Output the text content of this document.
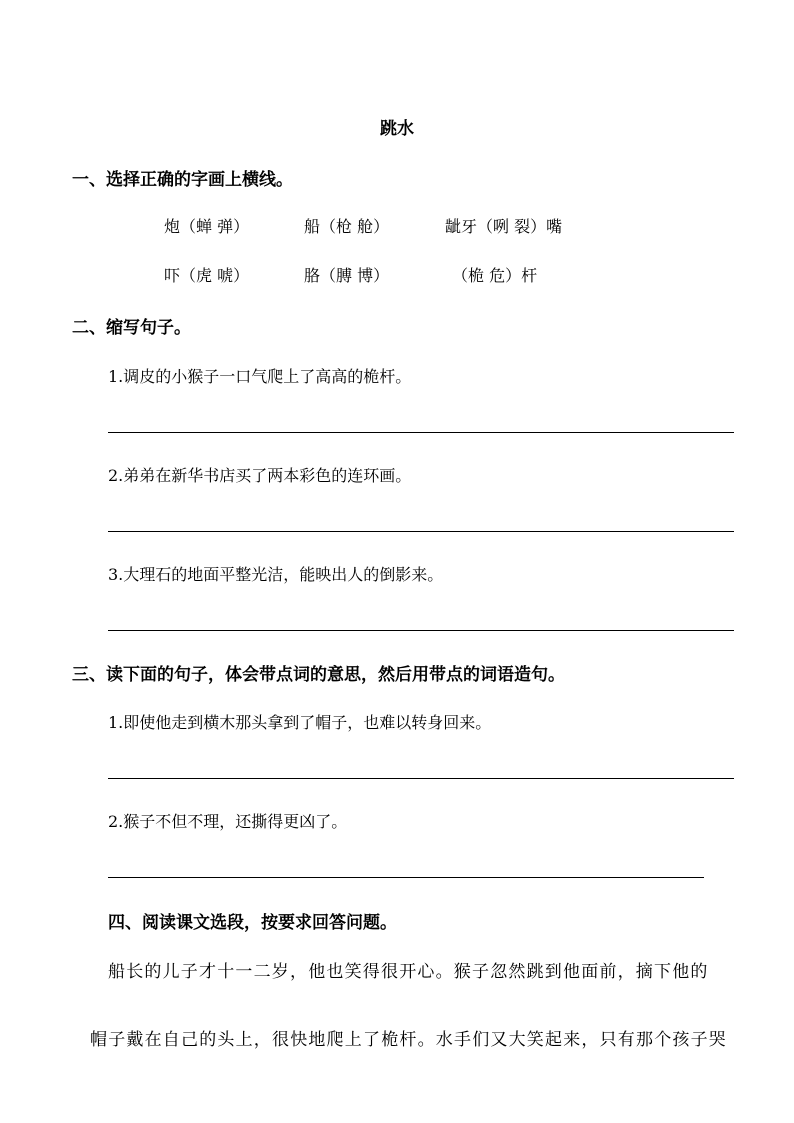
跳水
一、选择正确的字画上横线。
炮（蝉 弹）	船（枪 舱）	龇牙（咧 裂）嘴
吓（虎 唬）	胳（膊 博）	（桅 危）杆
二、缩写句子。
1.调皮的小猴子一口气爬上了高高的桅杆。
2.弟弟在新华书店买了两本彩色的连环画。
3.大理石的地面平整光洁，能映出人的倒影来。
三、读下面的句子，体会带点词的意思，然后用带点的词语造句。
1.即使他走到横木那头拿到了帽子，也难以转身回来。
2.猴子不但不理，还撕得更凶了。
四、阅读课文选段，按要求回答问题。
船长的儿子才十一二岁，他也笑得很开心。猴子忽然跳到他面前，摘下他的
帽子戴在自己的头上，很快地爬上了桅杆。水手们又大笑起来，只有那个孩子哭
